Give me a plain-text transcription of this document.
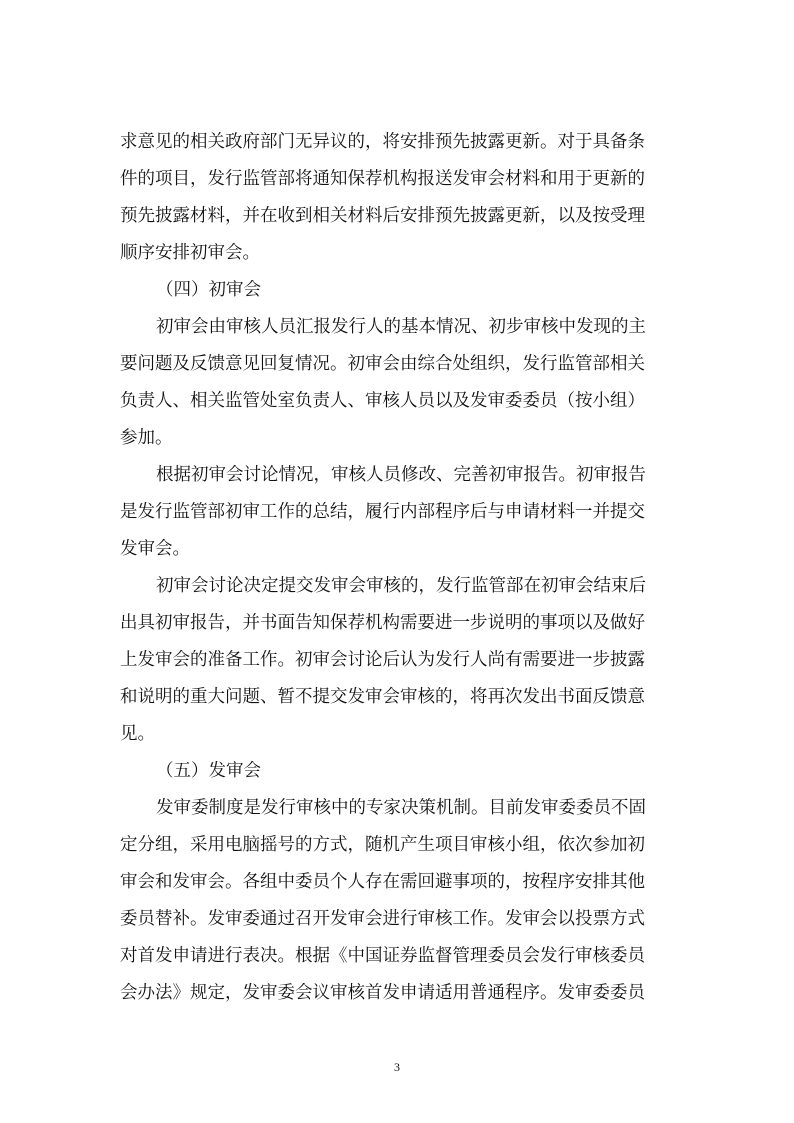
求意见的相关政府部门无异议的，将安排预先披露更新。对于具备条
件的项目，发行监管部将通知保荐机构报送发审会材料和用于更新的
预先披露材料，并在收到相关材料后安排预先披露更新，以及按受理
顺序安排初审会。
（四）初审会
初审会由审核人员汇报发行人的基本情况、初步审核中发现的主
要问题及反馈意见回复情况。初审会由综合处组织，发行监管部相关
负责人、相关监管处室负责人、审核人员以及发审委委员（按小组）
参加。
根据初审会讨论情况，审核人员修改、完善初审报告。初审报告
是发行监管部初审工作的总结，履行内部程序后与申请材料一并提交
发审会。
初审会讨论决定提交发审会审核的，发行监管部在初审会结束后
出具初审报告，并书面告知保荐机构需要进一步说明的事项以及做好
上发审会的准备工作。初审会讨论后认为发行人尚有需要进一步披露
和说明的重大问题、暂不提交发审会审核的，将再次发出书面反馈意
见。
（五）发审会
发审委制度是发行审核中的专家决策机制。目前发审委委员不固
定分组，采用电脑摇号的方式，随机产生项目审核小组，依次参加初
审会和发审会。各组中委员个人存在需回避事项的，按程序安排其他
委员替补。发审委通过召开发审会进行审核工作。发审会以投票方式
对首发申请进行表决。根据《中国证券监督管理委员会发行审核委员
会办法》规定，发审委会议审核首发申请适用普通程序。发审委委员
3
